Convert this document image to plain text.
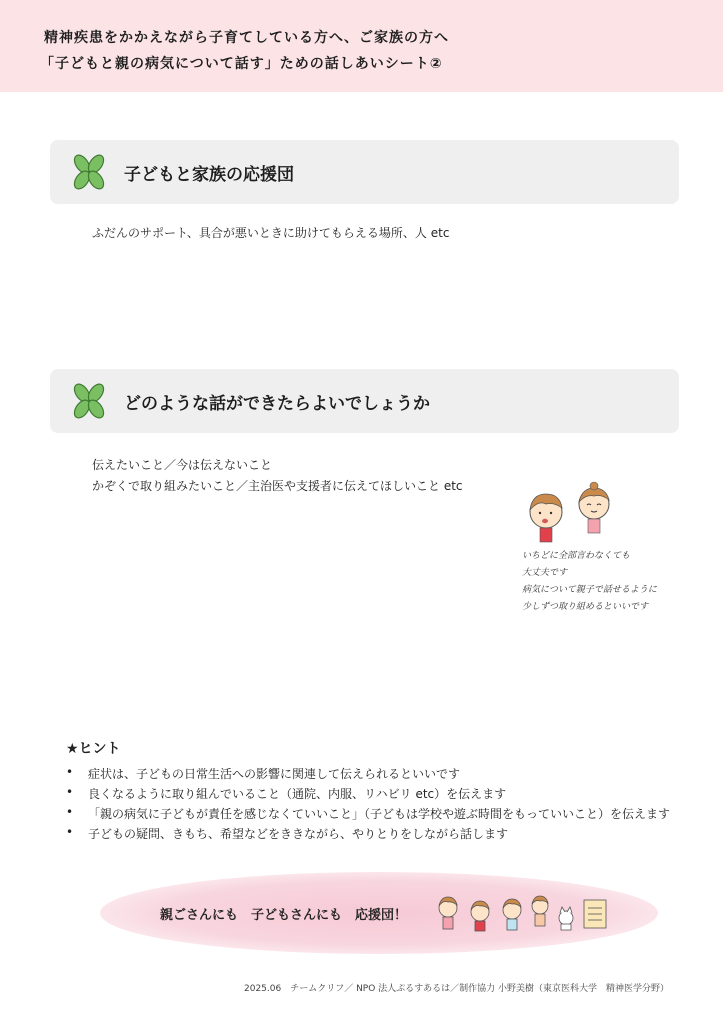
精神疾患をかかえながら子育てしている方へ、ご家族の方へ
「子どもと親の病気について話す」ための話しあいシート②
子どもと家族の応援団
ふだんのサポート、具合が悪いときに助けてもらえる場所、人 etc
どのような話ができたらよいでしょうか
伝えたいこと／今は伝えないこと
かぞくで取り組みたいこと／主治医や支援者に伝えてほしいこと etc
いちどに全部言わなくても
大丈夫です
病気について親子で話せるように
少しずつ取り組めるといいです
★ヒント
• 症状は、子どもの日常生活への影響に関連して伝えられるといいです
• 良くなるように取り組んでいること（通院、内服、リハビリ etc）を伝えます
• 「親の病気に子どもが責任を感じなくていいこと」（子どもは学校や遊ぶ時間をもっていいこと）を伝えます
• 子どもの疑問、きもち、希望などをききながら、やりとりをしながら話します
親ごさんにも　子どもさんにも　応援団！
2025.06　チームクリフ／ NPO 法人ぷるすあるは／制作協力 小野美樹（東京医科大学　精神医学分野）
